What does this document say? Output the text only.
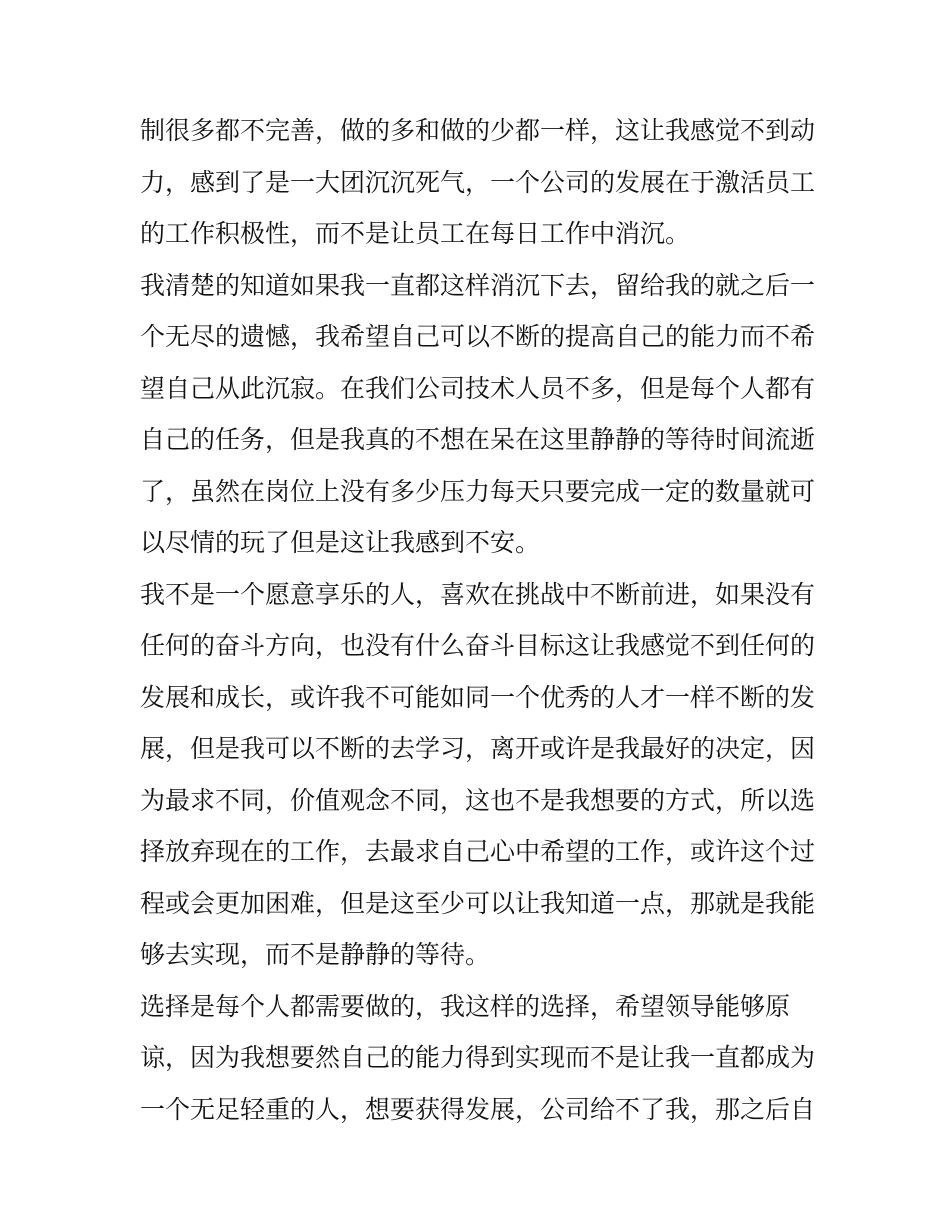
制很多都不完善，做的多和做的少都一样，这让我感觉不到动
力，感到了是一大团沉沉死气，一个公司的发展在于激活员工
的工作积极性，而不是让员工在每日工作中消沉。
我清楚的知道如果我一直都这样消沉下去，留给我的就之后一
个无尽的遗憾，我希望自己可以不断的提高自己的能力而不希
望自己从此沉寂。在我们公司技术人员不多，但是每个人都有
自己的任务，但是我真的不想在呆在这里静静的等待时间流逝
了，虽然在岗位上没有多少压力每天只要完成一定的数量就可
以尽情的玩了但是这让我感到不安。
我不是一个愿意享乐的人，喜欢在挑战中不断前进，如果没有
任何的奋斗方向，也没有什么奋斗目标这让我感觉不到任何的
发展和成长，或许我不可能如同一个优秀的人才一样不断的发
展，但是我可以不断的去学习，离开或许是我最好的决定，因
为最求不同，价值观念不同，这也不是我想要的方式，所以选
择放弃现在的工作，去最求自己心中希望的工作，或许这个过
程或会更加困难，但是这至少可以让我知道一点，那就是我能
够去实现，而不是静静的等待。
选择是每个人都需要做的，我这样的选择，希望领导能够原
谅，因为我想要然自己的能力得到实现而不是让我一直都成为
一个无足轻重的人，想要获得发展，公司给不了我，那之后自
